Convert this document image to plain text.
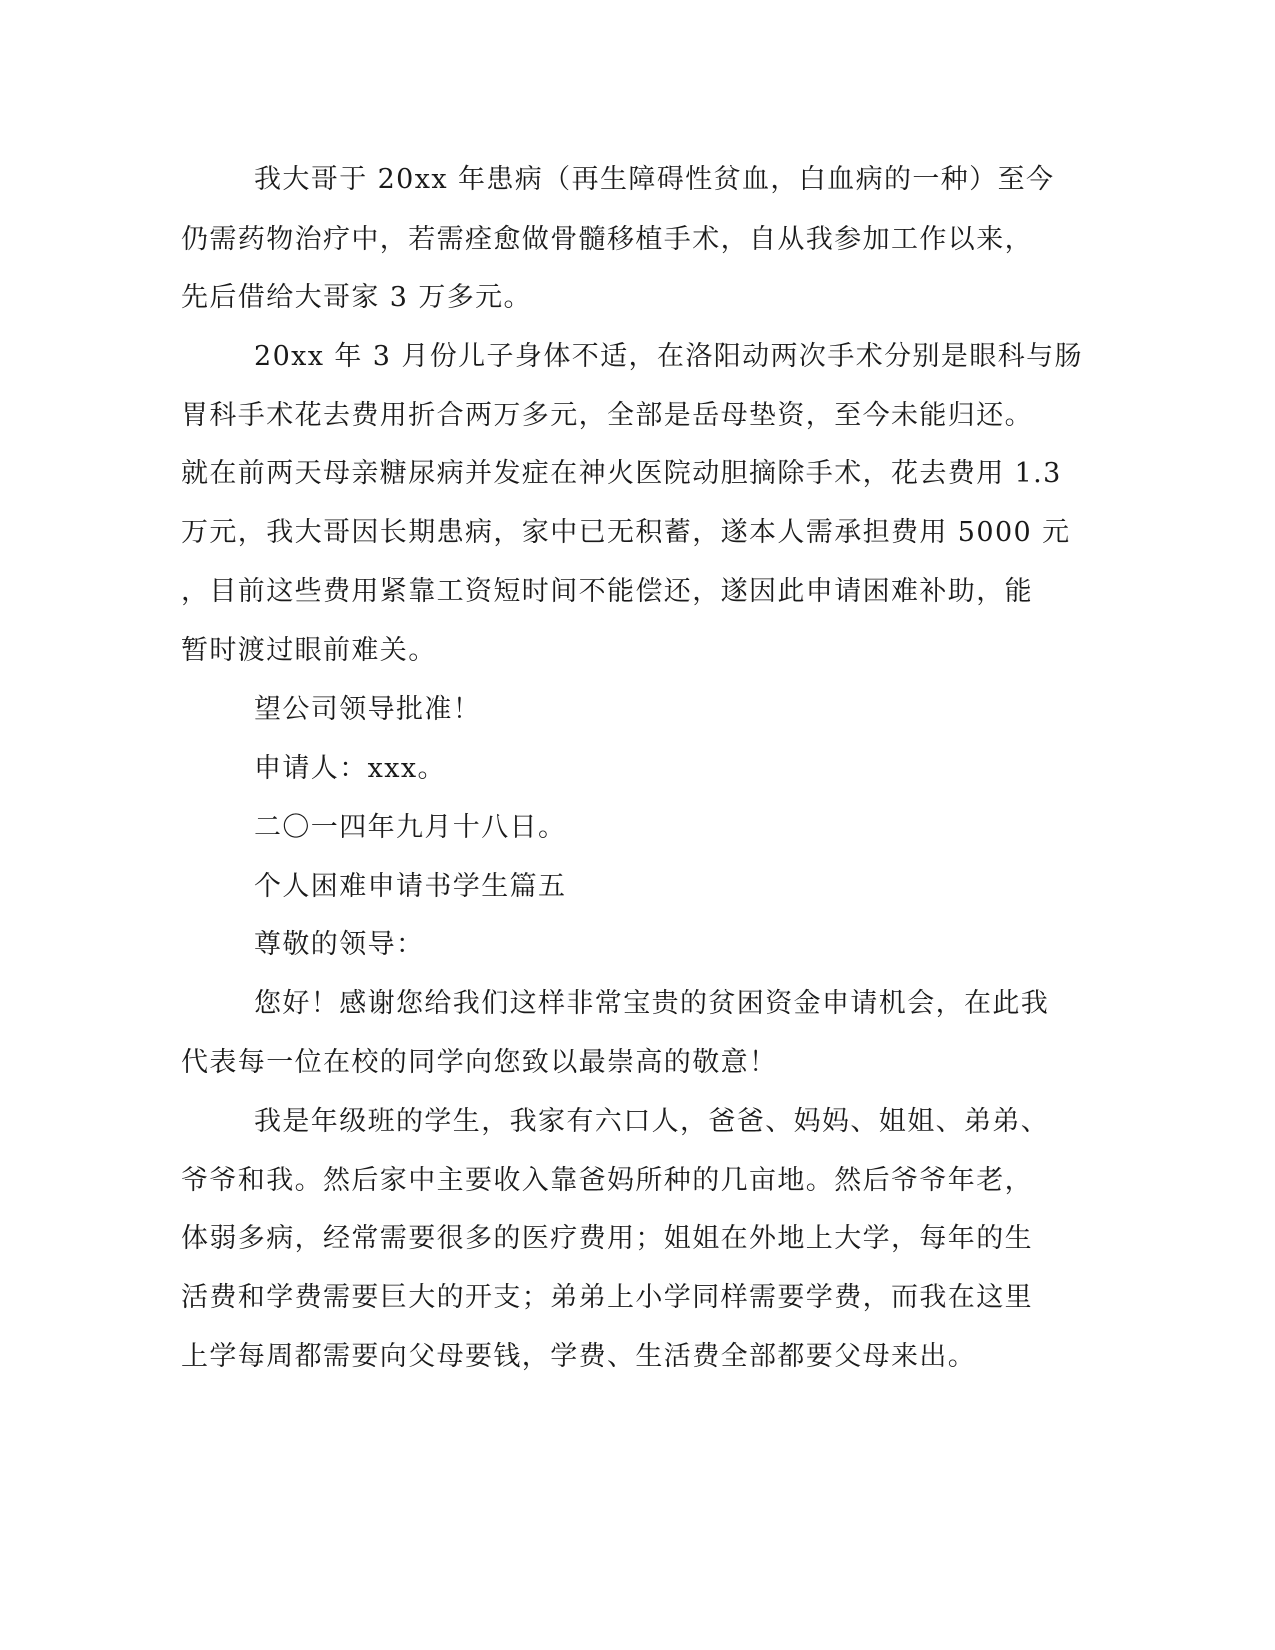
我大哥于 20xx 年患病（再生障碍性贫血，白血病的一种）至今
仍需药物治疗中，若需痊愈做骨髓移植手术，自从我参加工作以来，
先后借给大哥家 3 万多元。
20xx 年 3 月份儿子身体不适，在洛阳动两次手术分别是眼科与肠
胃科手术花去费用折合两万多元，全部是岳母垫资，至今未能归还。
就在前两天母亲糖尿病并发症在神火医院动胆摘除手术，花去费用 1.3
万元，我大哥因长期患病，家中已无积蓄，遂本人需承担费用 5000 元
，目前这些费用紧靠工资短时间不能偿还，遂因此申请困难补助，能
暂时渡过眼前难关。
望公司领导批准！
申请人：xxx。
二〇一四年九月十八日。
个人困难申请书学生篇五
尊敬的领导：
您好！感谢您给我们这样非常宝贵的贫困资金申请机会，在此我
代表每一位在校的同学向您致以最崇高的敬意！
我是年级班的学生，我家有六口人，爸爸、妈妈、姐姐、弟弟、
爷爷和我。然后家中主要收入靠爸妈所种的几亩地。然后爷爷年老，
体弱多病，经常需要很多的医疗费用；姐姐在外地上大学，每年的生
活费和学费需要巨大的开支；弟弟上小学同样需要学费，而我在这里
上学每周都需要向父母要钱，学费、生活费全部都要父母来出。
